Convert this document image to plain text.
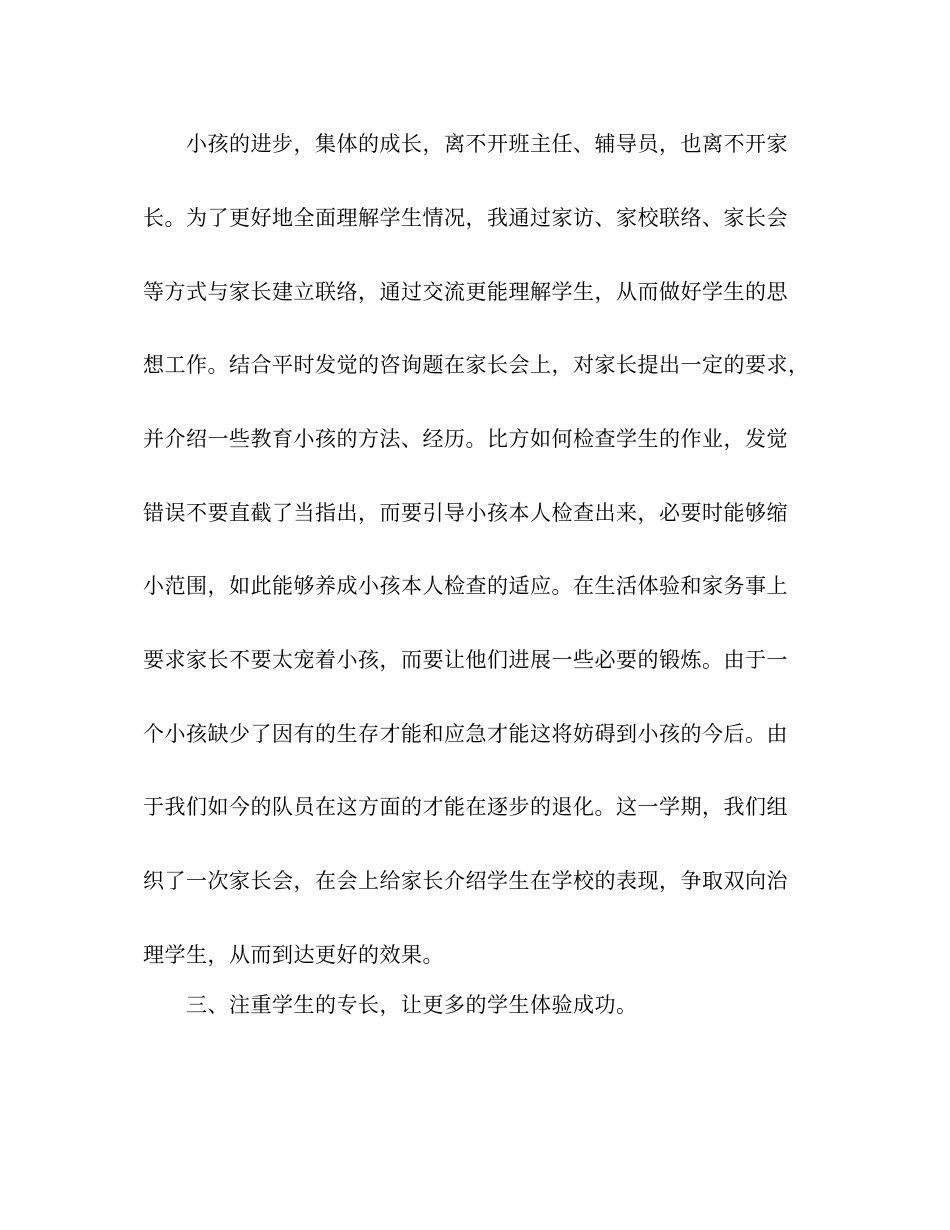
小孩的进步，集体的成长，离不开班主任、辅导员，也离不开家
长。为了更好地全面理解学生情况，我通过家访、家校联络、家长会
等方式与家长建立联络，通过交流更能理解学生，从而做好学生的思
想工作。结合平时发觉的咨询题在家长会上，对家长提出一定的要求，
并介绍一些教育小孩的方法、经历。比方如何检查学生的作业，发觉
错误不要直截了当指出，而要引导小孩本人检查出来，必要时能够缩
小范围，如此能够养成小孩本人检查的适应。在生活体验和家务事上
要求家长不要太宠着小孩，而要让他们进展一些必要的锻炼。由于一
个小孩缺少了因有的生存才能和应急才能这将妨碍到小孩的今后。由
于我们如今的队员在这方面的才能在逐步的退化。这一学期，我们组
织了一次家长会，在会上给家长介绍学生在学校的表现，争取双向治
理学生，从而到达更好的效果。
三、注重学生的专长，让更多的学生体验成功。
